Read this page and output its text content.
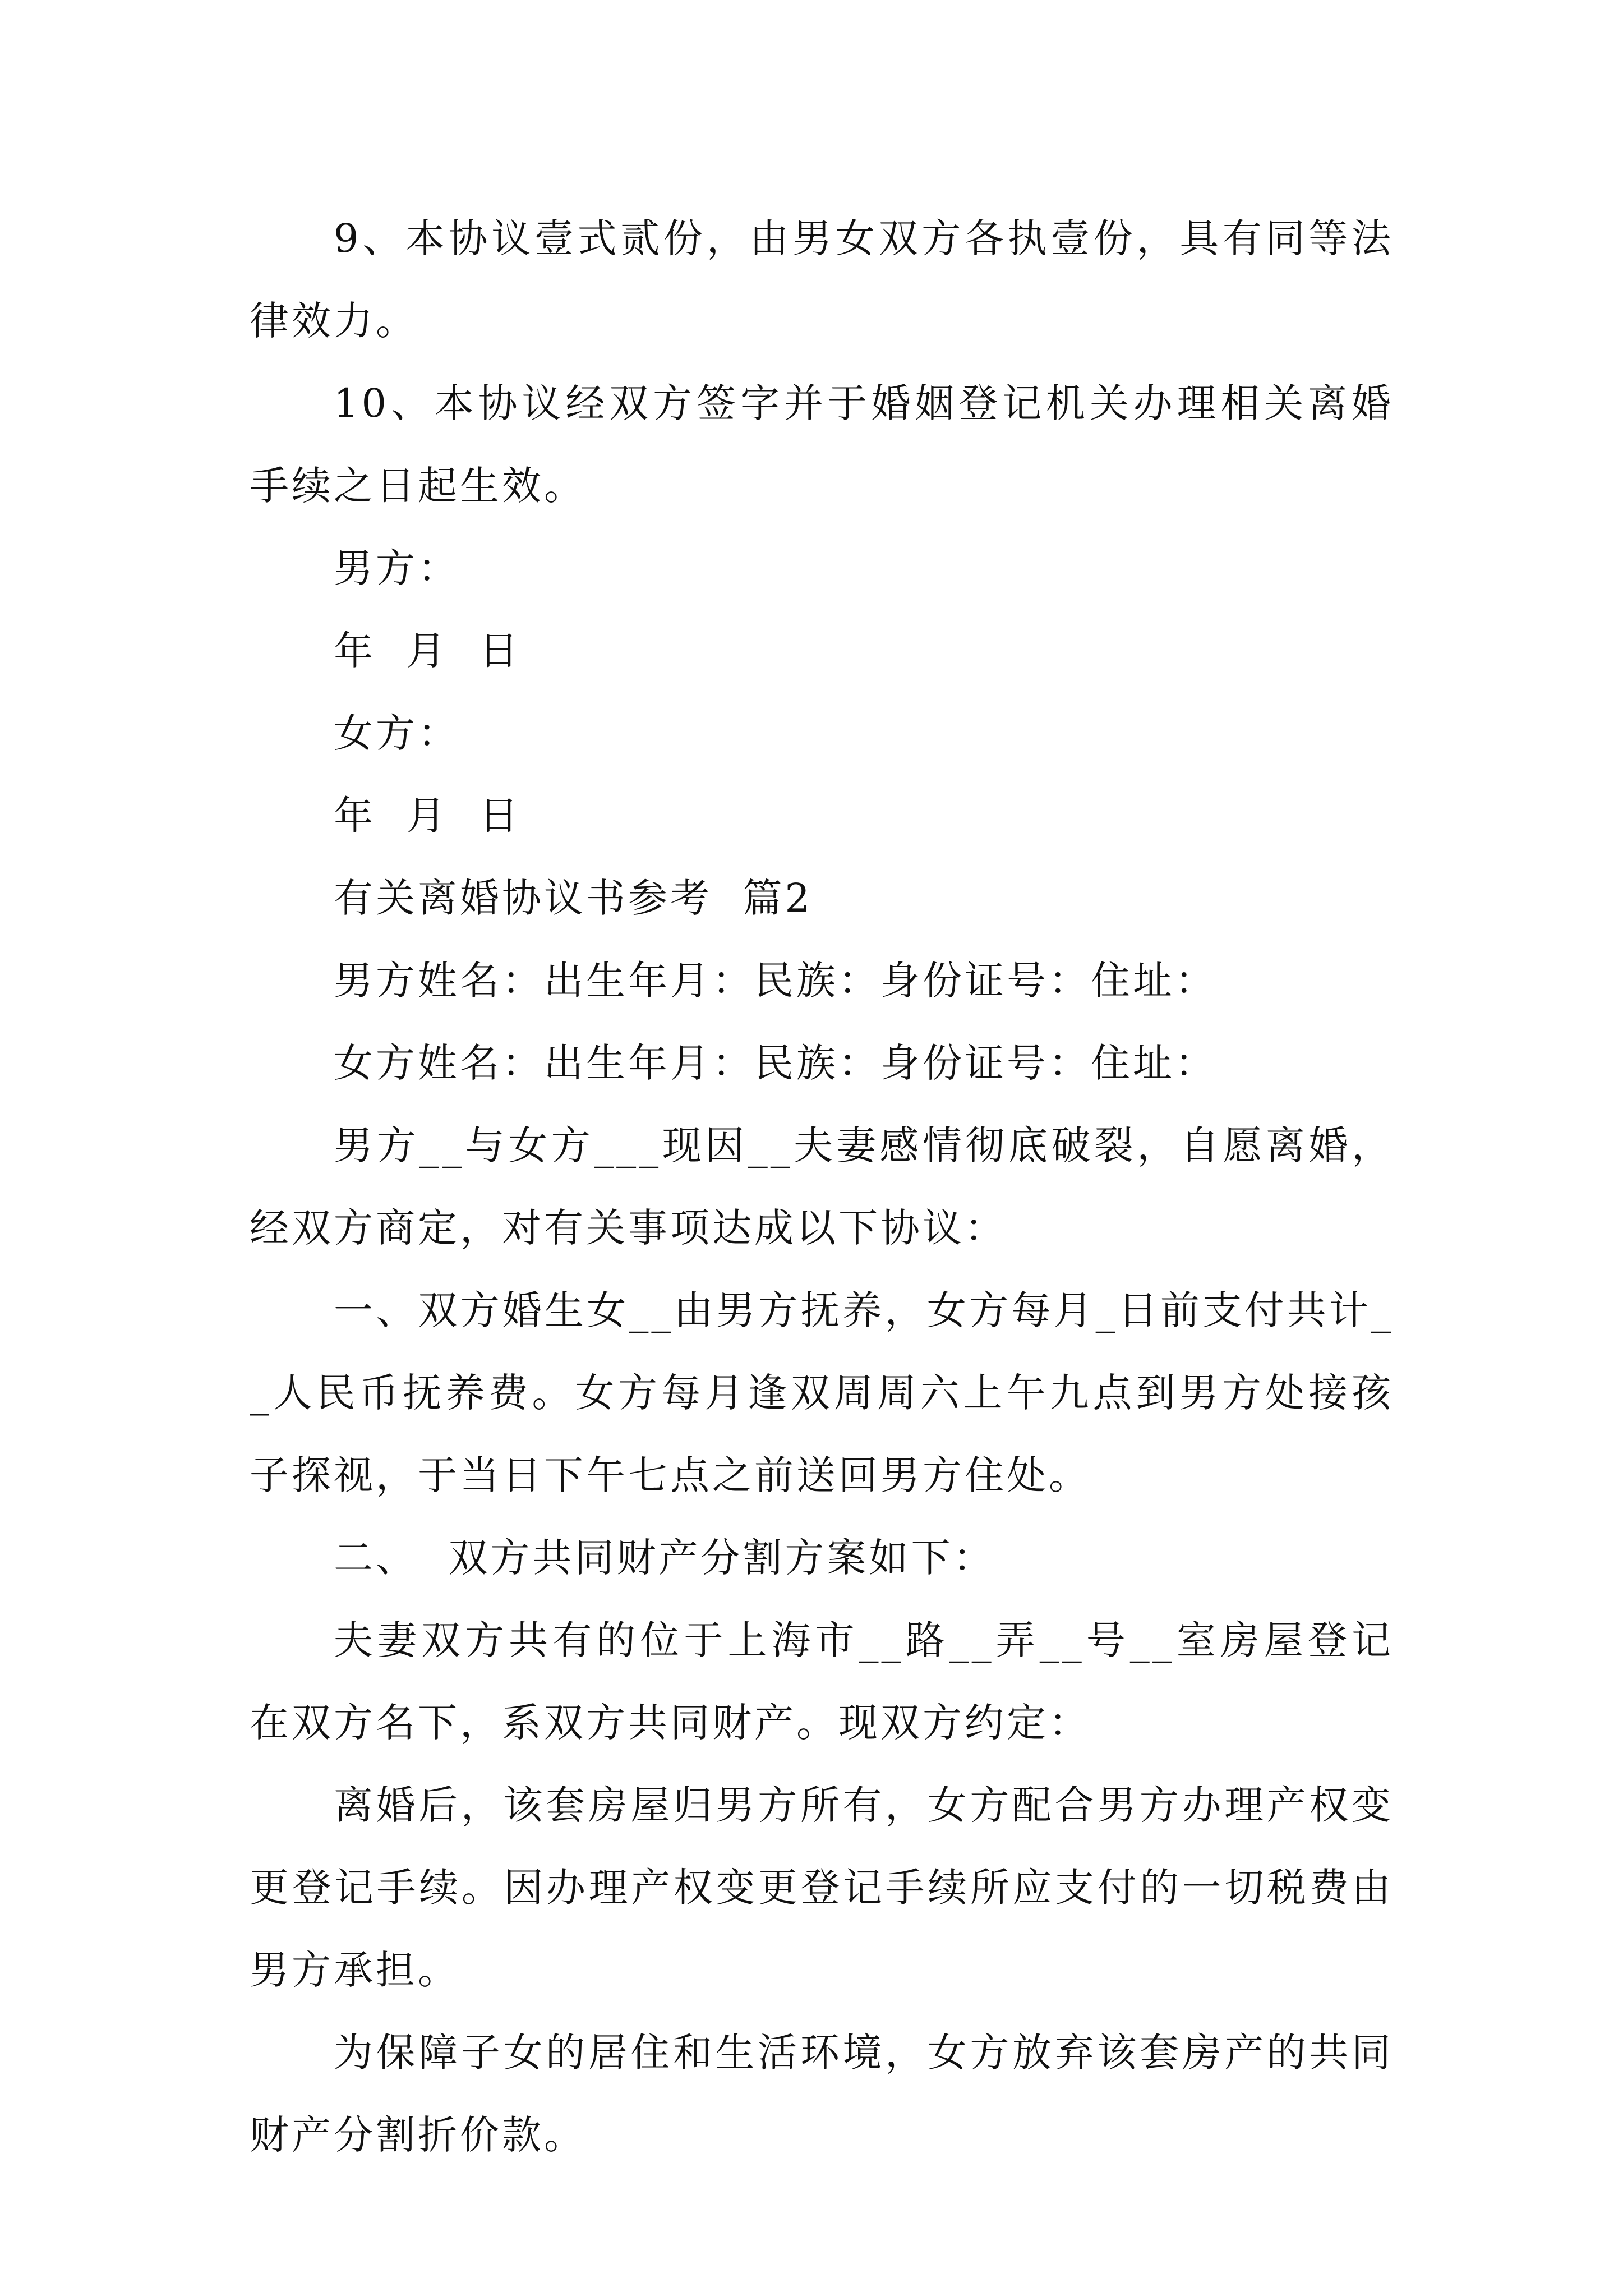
9、本协议壹式贰份，由男女双方各执壹份，具有同等法律效力。

10、本协议经双方签字并于婚姻登记机关办理相关离婚手续之日起生效。

男方：

年  月  日

女方：

年  月  日

有关离婚协议书参考  篇2

男方姓名：出生年月：民族：身份证号：住址：

女方姓名：出生年月：民族：身份证号：住址：

男方__与女方___现因__夫妻感情彻底破裂，自愿离婚，经双方商定，对有关事项达成以下协议：

一、双方婚生女__由男方抚养，女方每月_日前支付共计__人民币抚养费。女方每月逢双周周六上午九点到男方处接孩子探视，于当日下午七点之前送回男方住处。

二、  双方共同财产分割方案如下：

夫妻双方共有的位于上海市__路__弄__号__室房屋登记在双方名下，系双方共同财产。现双方约定：

离婚后，该套房屋归男方所有，女方配合男方办理产权变更登记手续。因办理产权变更登记手续所应支付的一切税费由男方承担。

为保障子女的居住和生活环境，女方放弃该套房产的共同财产分割折价款。
